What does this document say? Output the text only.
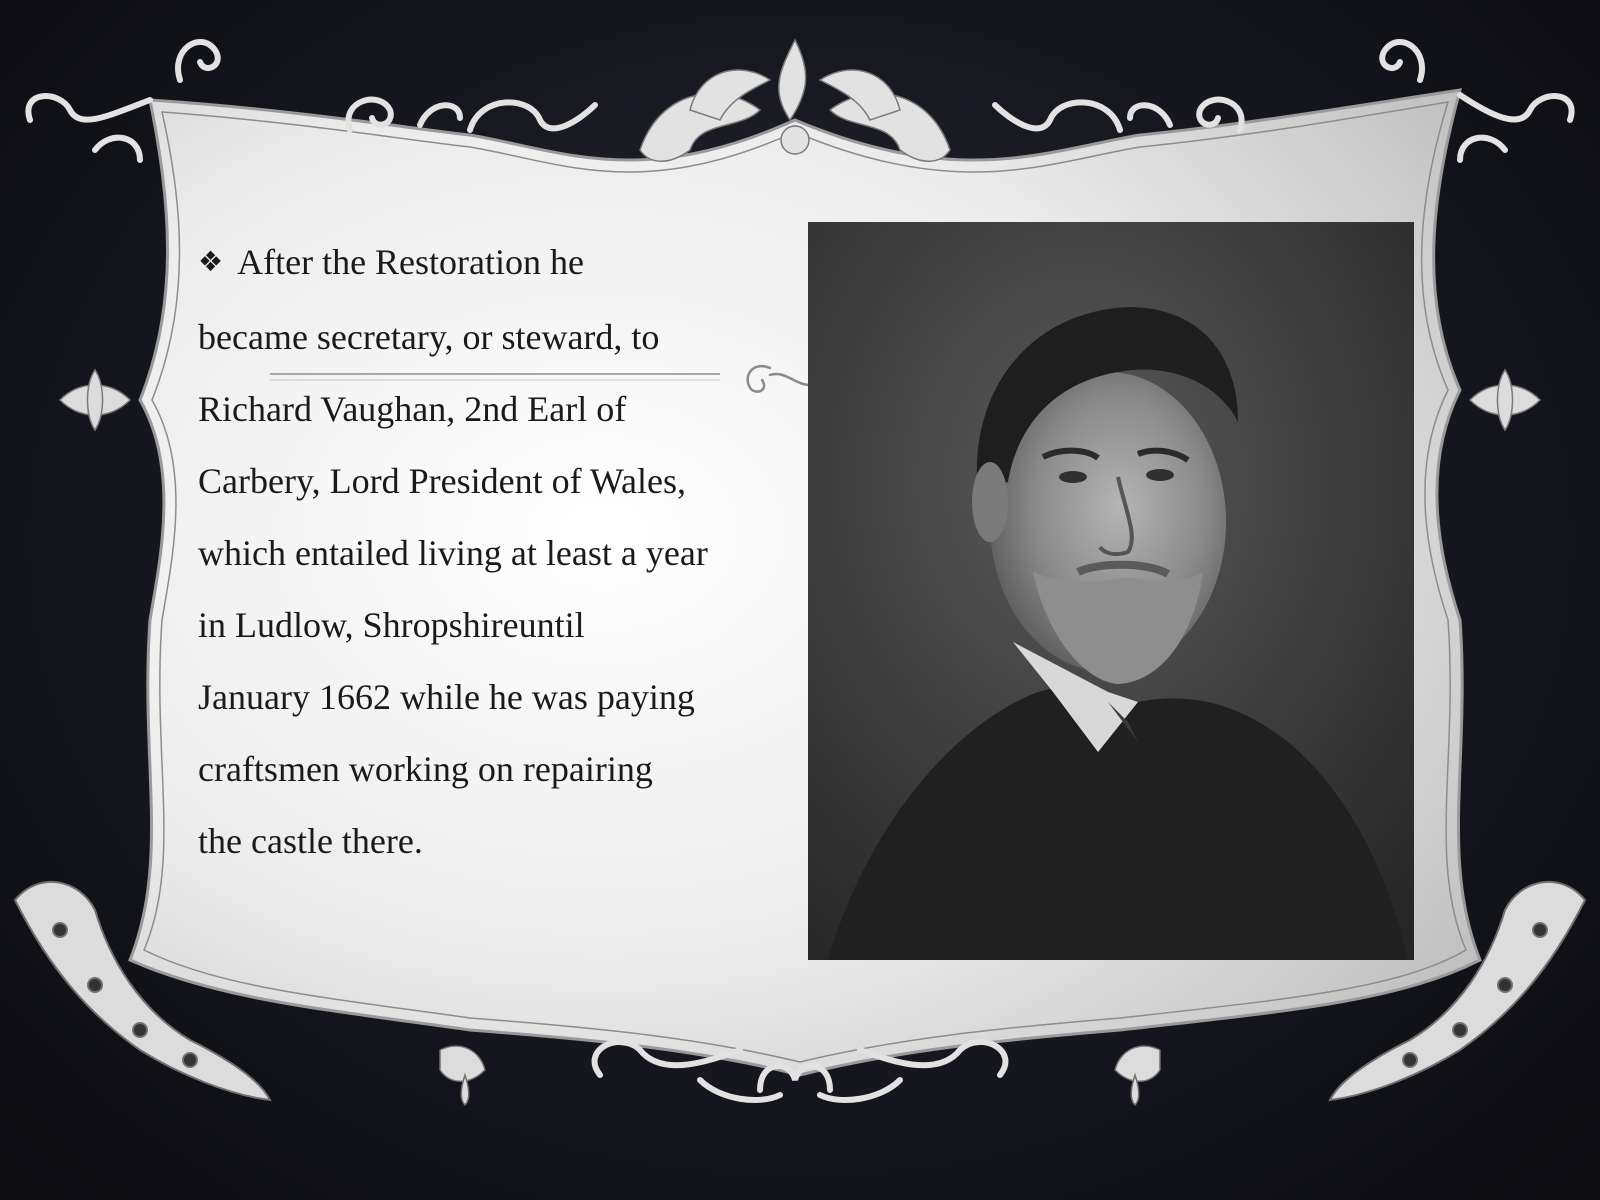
❖ After the Restoration he
became secretary, or steward, to
Richard Vaughan, 2nd Earl of
Carbery, Lord President of Wales,
which entailed living at least a year
in Ludlow, Shropshireuntil
January 1662 while he was paying
craftsmen working on repairing
the castle there.
